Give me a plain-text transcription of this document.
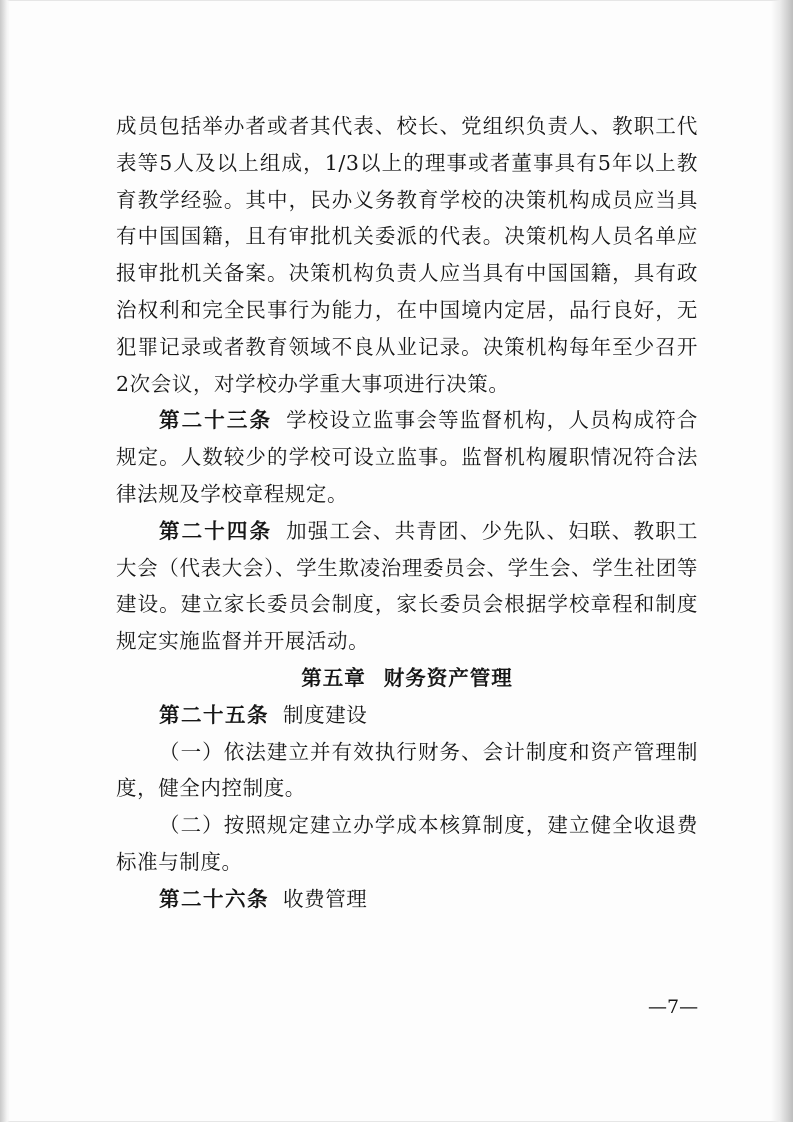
成员包括举办者或者其代表、校长、党组织负责人、教职工代表等5人及以上组成，1/3以上的理事或者董事具有5年以上教育教学经验。其中，民办义务教育学校的决策机构成员应当具有中国国籍，且有审批机关委派的代表。决策机构人员名单应报审批机关备案。决策机构负责人应当具有中国国籍，具有政治权利和完全民事行为能力，在中国境内定居，品行良好，无犯罪记录或者教育领域不良从业记录。决策机构每年至少召开2次会议，对学校办学重大事项进行决策。

第二十三条 学校设立监事会等监督机构，人员构成符合规定。人数较少的学校可设立监事。监督机构履职情况符合法律法规及学校章程规定。

第二十四条 加强工会、共青团、少先队、妇联、教职工大会（代表大会）、学生欺凌治理委员会、学生会、学生社团等建设。建立家长委员会制度，家长委员会根据学校章程和制度规定实施监督并开展活动。

第五章 财务资产管理

第二十五条 制度建设

（一）依法建立并有效执行财务、会计制度和资产管理制度，健全内控制度。

（二）按照规定建立办学成本核算制度，建立健全收退费标准与制度。

第二十六条 收费管理

—7—
